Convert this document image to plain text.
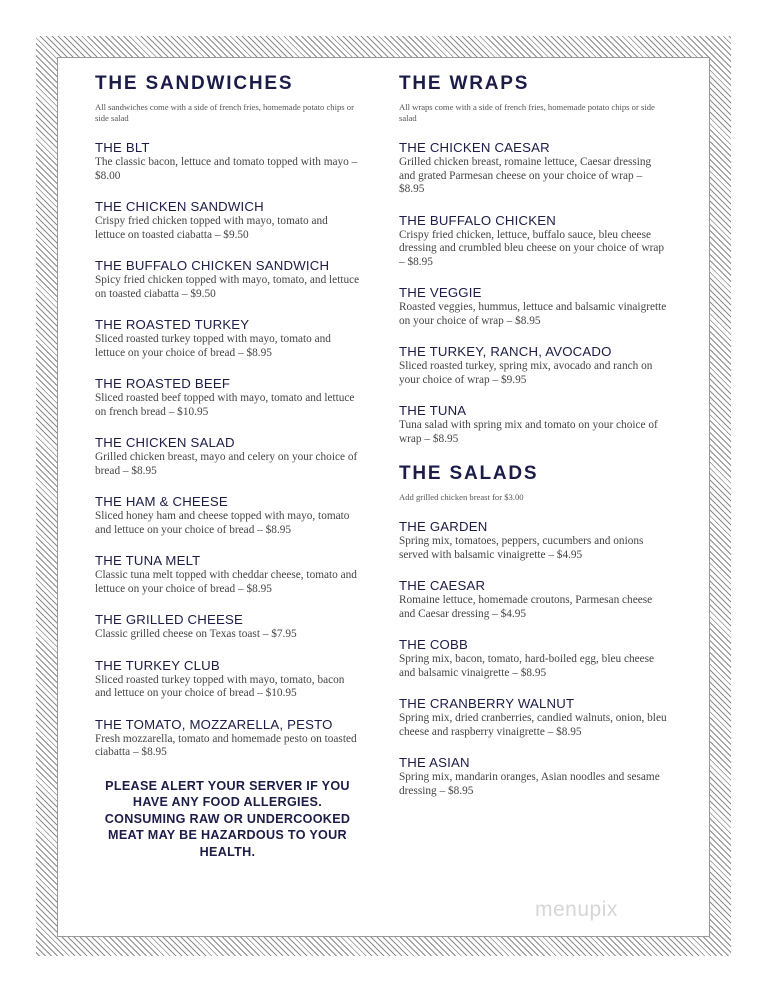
THE SANDWICHES
All sandwiches come with a side of french fries, homemade potato chips or side salad
THE BLT

The classic bacon, lettuce and tomato topped with mayo – $8.00

THE CHICKEN SANDWICH

Crispy fried chicken topped with mayo, tomato and lettuce on toasted ciabatta – $9.50

THE BUFFALO CHICKEN SANDWICH

Spicy fried chicken topped with mayo, tomato, and lettuce on toasted ciabatta – $9.50

THE ROASTED TURKEY

Sliced roasted turkey topped with mayo, tomato and lettuce on your choice of bread – $8.95

THE ROASTED BEEF

Sliced roasted beef topped with mayo, tomato and lettuce on french bread – $10.95

THE CHICKEN SALAD

Grilled chicken breast, mayo and celery on your choice of bread – $8.95

THE HAM & CHEESE

Sliced honey ham and cheese topped with mayo, tomato and lettuce on your choice of bread – $8.95

THE TUNA MELT

Classic tuna melt topped with cheddar cheese, tomato and lettuce on your choice of bread – $8.95

THE GRILLED CHEESE

Classic grilled cheese on Texas toast – $7.95

THE TURKEY CLUB

Sliced roasted turkey topped with mayo, tomato, bacon and lettuce on your choice of bread – $10.95

THE TOMATO, MOZZARELLA, PESTO

Fresh mozzarella, tomato and homemade pesto on toasted ciabatta – $8.95

PLEASE ALERT YOUR SERVER IF YOU HAVE ANY FOOD ALLERGIES. CONSUMING RAW OR UNDERCOOKED MEAT MAY BE HAZARDOUS TO YOUR HEALTH.
THE WRAPS
All wraps come with a side of french fries, homemade potato chips or side salad
THE CHICKEN CAESAR

Grilled chicken breast, romaine lettuce, Caesar dressing and grated Parmesan cheese on your choice of wrap – $8.95

THE BUFFALO CHICKEN

Crispy fried chicken, lettuce, buffalo sauce, bleu cheese dressing and crumbled bleu cheese on your choice of wrap – $8.95

THE VEGGIE

Roasted veggies, hummus, lettuce and balsamic vinaigrette on your choice of wrap – $8.95

THE TURKEY, RANCH, AVOCADO

Sliced roasted turkey, spring mix, avocado and ranch on your choice of wrap – $9.95

THE TUNA

Tuna salad with spring mix and tomato on your choice of wrap – $8.95

THE SALADS
Add grilled chicken breast for $3.00
THE GARDEN

Spring mix, tomatoes, peppers, cucumbers and onions served with balsamic vinaigrette – $4.95

THE CAESAR

Romaine lettuce, homemade croutons, Parmesan cheese and Caesar dressing – $4.95

THE COBB

Spring mix, bacon, tomato, hard-boiled egg, bleu cheese and balsamic vinaigrette – $8.95

THE CRANBERRY WALNUT

Spring mix, dried cranberries, candied walnuts, onion, bleu cheese and raspberry vinaigrette – $8.95

THE ASIAN

Spring mix, mandarin oranges, Asian noodles and sesame dressing – $8.95

menupix
